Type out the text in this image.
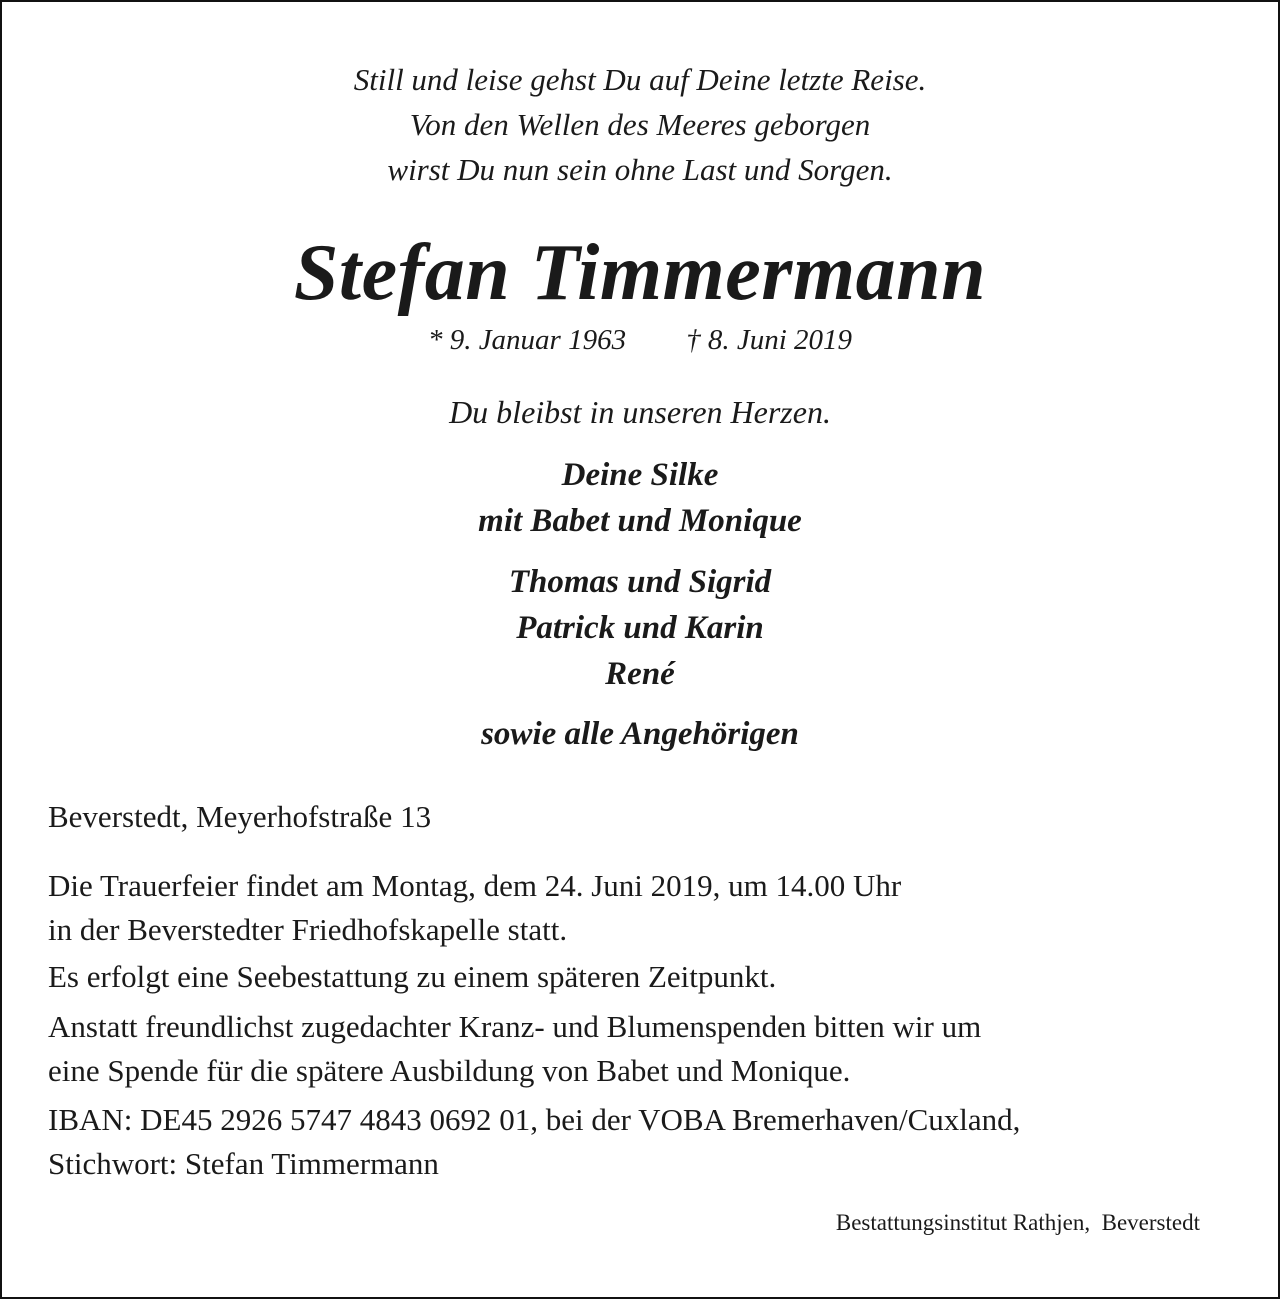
Still und leise gehst Du auf Deine letzte Reise.
Von den Wellen des Meeres geborgen
wirst Du nun sein ohne Last und Sorgen.
Stefan Timmermann
* 9. Januar 1963 † 8. Juni 2019
Du bleibst in unseren Herzen.
Deine Silke
mit Babet und Monique
Thomas und Sigrid
Patrick und Karin
René
sowie alle Angehörigen
Beverstedt, Meyerhofstraße 13
Die Trauerfeier findet am Montag, dem 24. Juni 2019, um 14.00 Uhr
in der Beverstedter Friedhofskapelle statt.
Es erfolgt eine Seebestattung zu einem späteren Zeitpunkt.
Anstatt freundlichst zugedachter Kranz- und Blumenspenden bitten wir um
eine Spende für die spätere Ausbildung von Babet und Monique.
IBAN: DE45 2926 5747 4843 0692 01, bei der VOBA Bremerhaven/Cuxland,
Stichwort: Stefan Timmermann
Bestattungsinstitut Rathjen,  Beverstedt
